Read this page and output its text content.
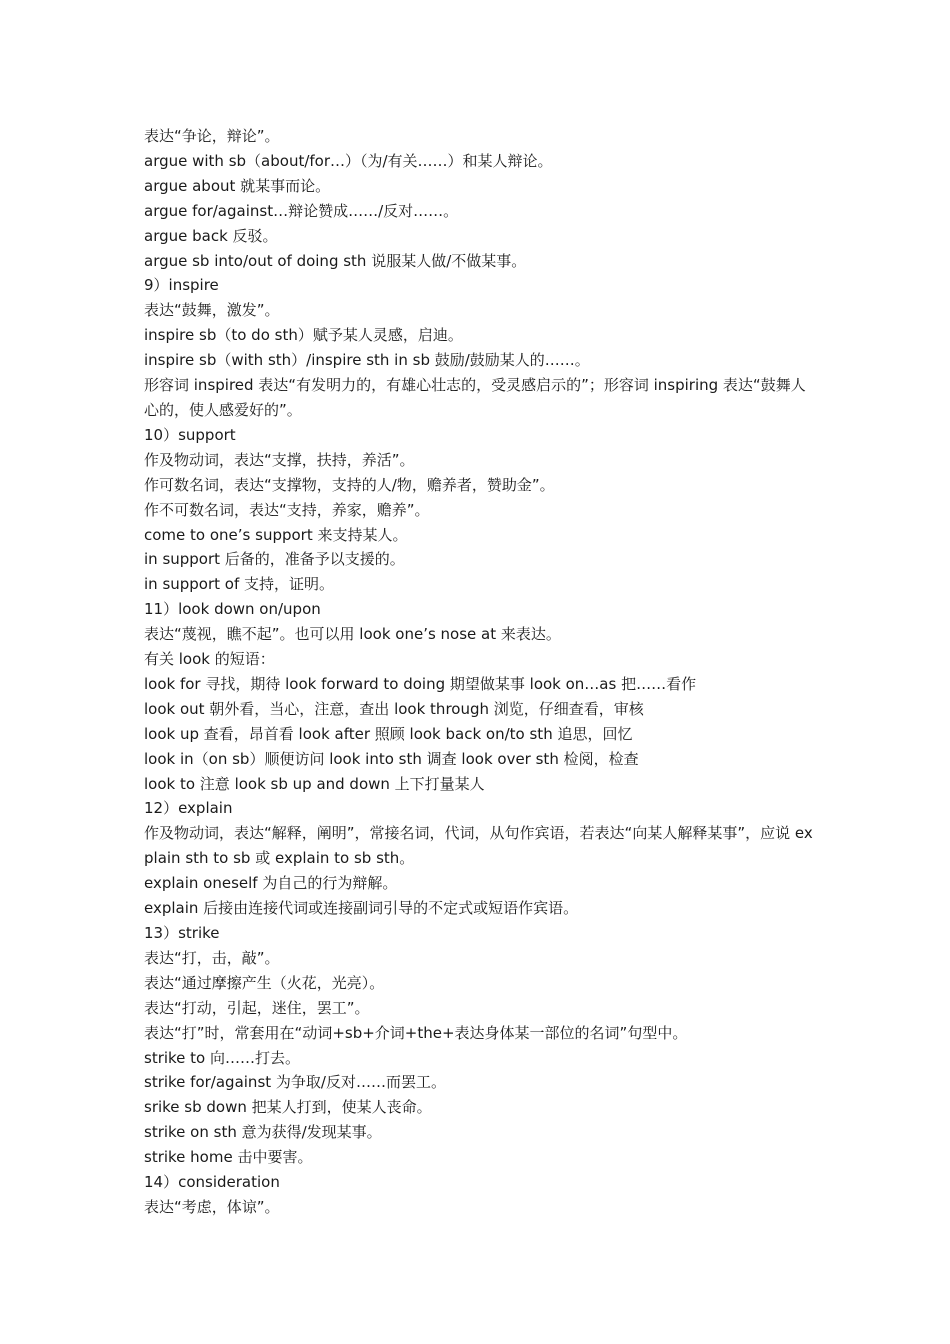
表达“争论，辩论”。

argue with sb（about/for…）（为/有关……）和某人辩论。

argue about 就某事而论。

argue for/against…辩论赞成……/反对……。

argue back 反驳。

argue sb into/out of doing sth 说服某人做/不做某事。

9）inspire

表达“鼓舞，激发”。

inspire sb（to do sth）赋予某人灵感，启迪。

inspire sb（with sth）/inspire sth in sb 鼓励/鼓励某人的……。

形容词 inspired 表达“有发明力的，有雄心壮志的，受灵感启示的”；形容词 inspiring 表达“鼓舞人心的，使人感爱好的”。

10）support

作及物动词，表达“支撑，扶持，养活”。

作可数名词，表达“支撑物，支持的人/物，赡养者，赞助金”。

作不可数名词，表达“支持，养家，赡养”。

come to one’s support 来支持某人。

in support 后备的，准备予以支援的。

in support of 支持，证明。

11）look down on/upon

表达“蔑视，瞧不起”。也可以用 look one’s nose at 来表达。

有关 look 的短语：

look for 寻找，期待 look forward to doing 期望做某事 look on…as 把……看作

look out 朝外看，当心，注意，查出 look through 浏览，仔细查看，审核

look up 查看，昂首看 look after 照顾 look back on/to sth 追思，回忆

look in（on sb）顺便访问 look into sth 调查 look over sth 检阅，检查

look to 注意 look sb up and down 上下打量某人

12）explain

作及物动词，表达“解释，阐明”，常接名词，代词，从句作宾语，若表达“向某人解释某事”，应说 explain sth to sb 或 explain to sb sth。

explain oneself 为自己的行为辩解。

explain 后接由连接代词或连接副词引导的不定式或短语作宾语。

13）strike

表达“打，击，敲”。

表达“通过摩擦产生（火花，光亮）。

表达“打动，引起，迷住，罢工”。

表达“打”时，常套用在“动词+sb+介词+the+表达身体某一部位的名词”句型中。

strike to 向……打去。

strike for/against 为争取/反对……而罢工。

srike sb down 把某人打到，使某人丧命。

strike on sth 意为获得/发现某事。

strike home 击中要害。

14）consideration

表达“考虑，体谅”。
